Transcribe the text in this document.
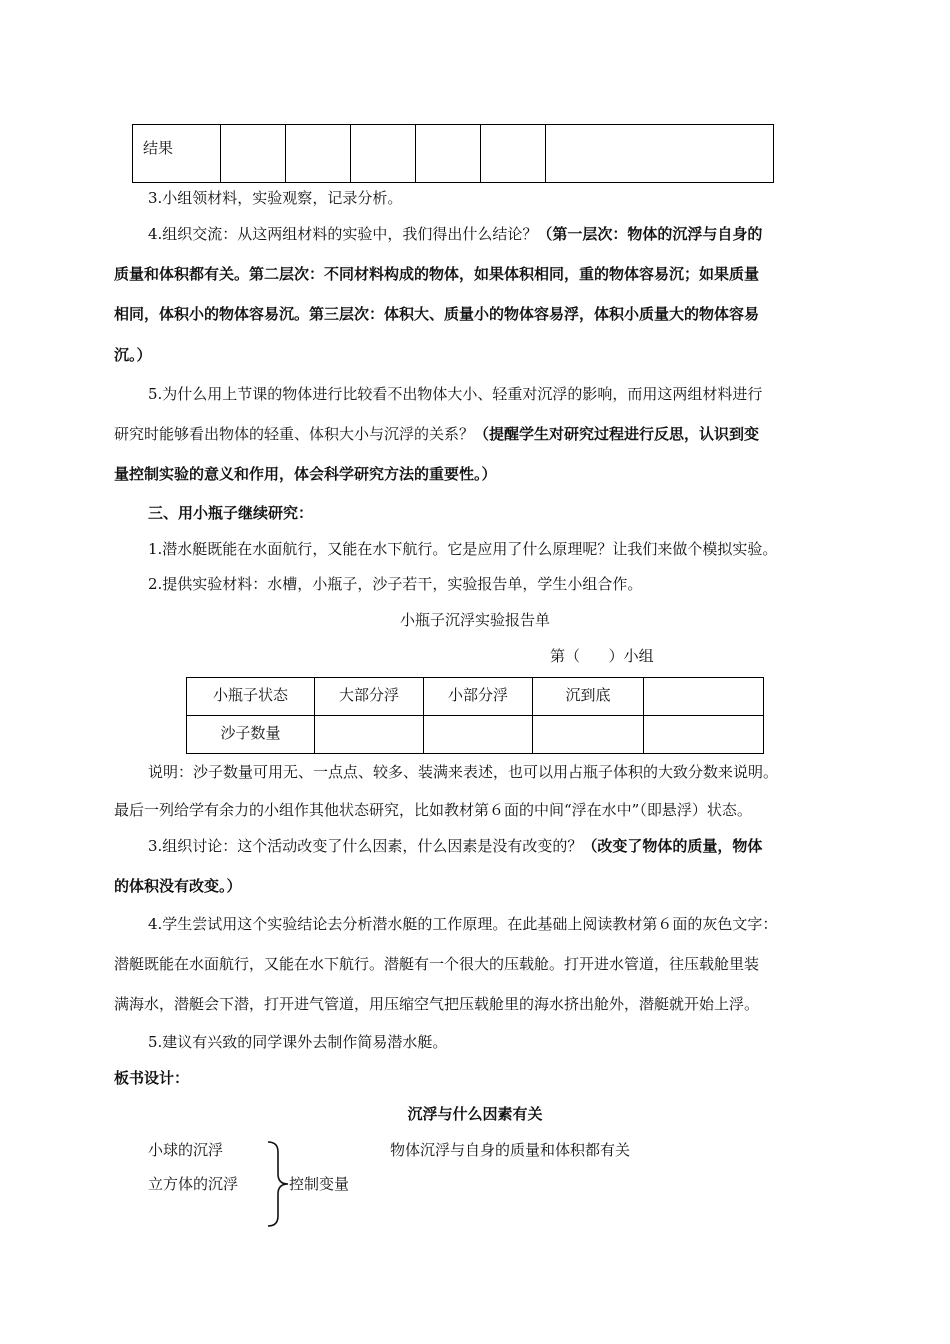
结果						
3.小组领材料，实验观察，记录分析。
4.组织交流：从这两组材料的实验中，我们得出什么结论？（第一层次：物体的沉浮与自身的
质量和体积都有关。第二层次：不同材料构成的物体，如果体积相同，重的物体容易沉；如果质量
相同，体积小的物体容易沉。第三层次：体积大、质量小的物体容易浮，体积小质量大的物体容易
沉。）
5.为什么用上节课的物体进行比较看不出物体大小、轻重对沉浮的影响，而用这两组材料进行
研究时能够看出物体的轻重、体积大小与沉浮的关系？（提醒学生对研究过程进行反思，认识到变
量控制实验的意义和作用，体会科学研究方法的重要性。）
三、用小瓶子继续研究：
1.潜水艇既能在水面航行，又能在水下航行。它是应用了什么原理呢？让我们来做个模拟实验。
2.提供实验材料：水槽，小瓶子，沙子若干，实验报告单，学生小组合作。
小瓶子沉浮实验报告单
第（      ）小组
小瓶子状态	大部分浮	小部分浮	沉到底	
沙子数量				
说明：沙子数量可用无、一点点、较多、装满来表述，也可以用占瓶子体积的大致分数来说明。
最后一列给学有余力的小组作其他状态研究，比如教材第６面的中间“浮在水中”（即悬浮）状态。
3.组织讨论：这个活动改变了什么因素，什么因素是没有改变的？（改变了物体的质量，物体
的体积没有改变。）
4.学生尝试用这个实验结论去分析潜水艇的工作原理。在此基础上阅读教材第６面的灰色文字：
潜艇既能在水面航行，又能在水下航行。潜艇有一个很大的压载舱。打开进水管道，往压载舱里装
满海水，潜艇会下潜，打开进气管道，用压缩空气把压载舱里的海水挤出舱外，潜艇就开始上浮。
5.建议有兴致的同学课外去制作简易潜水艇。
板书设计：
沉浮与什么因素有关
小球的沉浮
立方体的沉浮
物体沉浮与自身的质量和体积都有关
控制变量
